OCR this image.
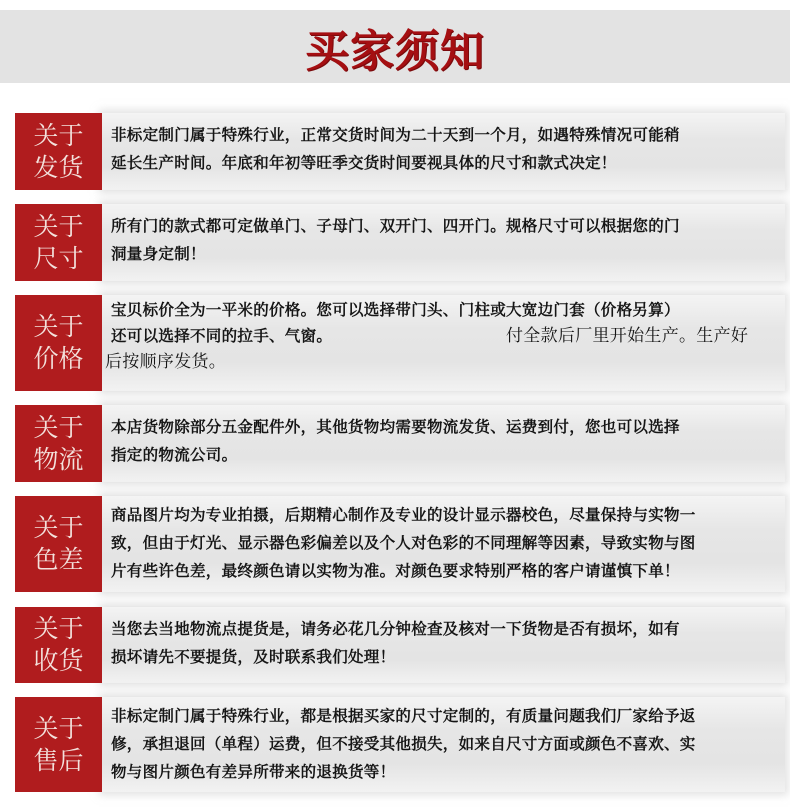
买家须知
关于
发货
非标定制门属于特殊行业，正常交货时间为二十天到一个月，如遇特殊情况可能稍
延长生产时间。年底和年初等旺季交货时间要视具体的尺寸和款式决定！
关于
尺寸
所有门的款式都可定做单门、子母门、双开门、四开门。规格尺寸可以根据您的门
洞量身定制！
关于
价格
宝贝标价全为一平米的价格。您可以选择带门头、门柱或大宽边门套（价格另算）
还可以选择不同的拉手、气窗。	付全款后厂里开始生产。生产好
后按顺序发货。
关于
物流
本店货物除部分五金配件外，其他货物均需要物流发货、运费到付，您也可以选择
指定的物流公司。
关于
色差
商品图片均为专业拍摄，后期精心制作及专业的设计显示器校色，尽量保持与实物一
致，但由于灯光、显示器色彩偏差以及个人对色彩的不同理解等因素，导致实物与图
片有些许色差，最终颜色请以实物为准。对颜色要求特别严格的客户请谨慎下单！
关于
收货
当您去当地物流点提货是，请务必花几分钟检查及核对一下货物是否有损坏，如有
损坏请先不要提货，及时联系我们处理！
关于
售后
非标定制门属于特殊行业，都是根据买家的尺寸定制的，有质量问题我们厂家给予返
修，承担退回（单程）运费，但不接受其他损失，如来自尺寸方面或颜色不喜欢、实
物与图片颜色有差异所带来的退换货等！
